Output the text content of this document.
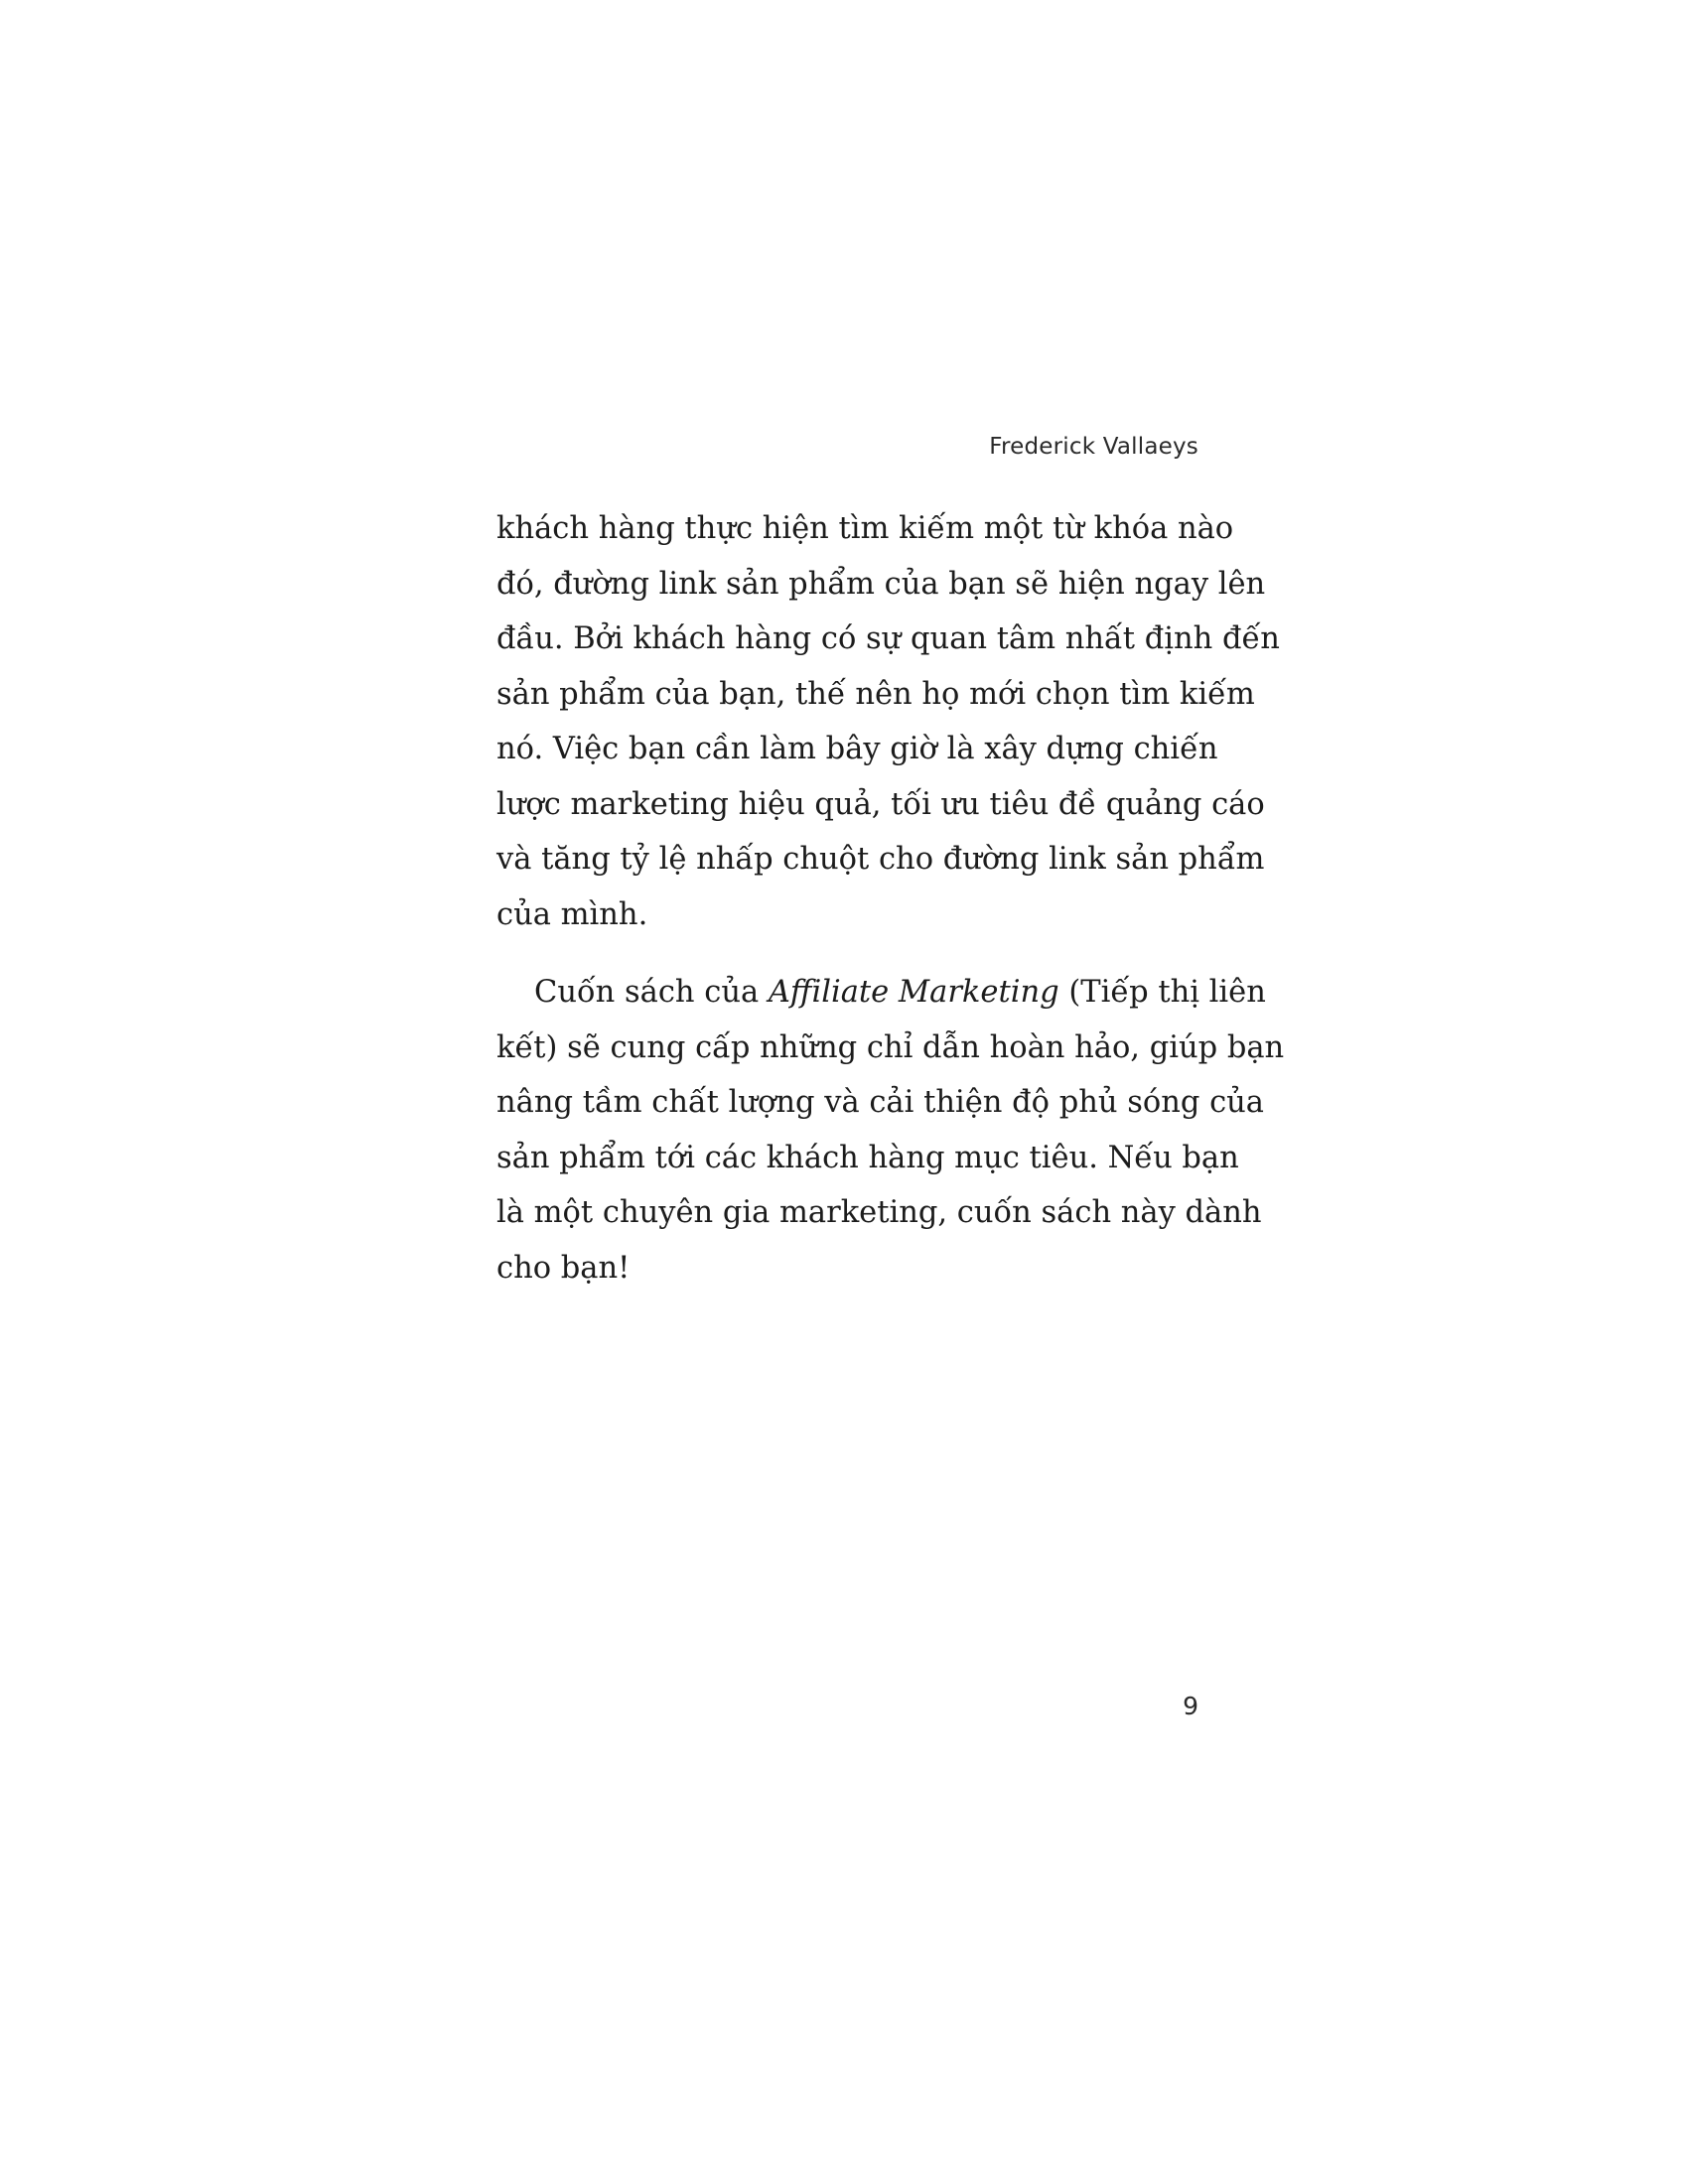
Frederick Vallaeys

khách hàng thực hiện tìm kiếm một từ khóa nào
đó, đường link sản phẩm của bạn sẽ hiện ngay lên
đầu. Bởi khách hàng có sự quan tâm nhất định đến
sản phẩm của bạn, thế nên họ mới chọn tìm kiếm
nó. Việc bạn cần làm bây giờ là xây dựng chiến
lược marketing hiệu quả, tối ưu tiêu đề quảng cáo
và tăng tỷ lệ nhấp chuột cho đường link sản phẩm
của mình.

Cuốn sách của Affiliate Marketing (Tiếp thị liên
kết) sẽ cung cấp những chỉ dẫn hoàn hảo, giúp bạn
nâng tầm chất lượng và cải thiện độ phủ sóng của
sản phẩm tới các khách hàng mục tiêu. Nếu bạn
là một chuyên gia marketing, cuốn sách này dành
cho bạn!

9
